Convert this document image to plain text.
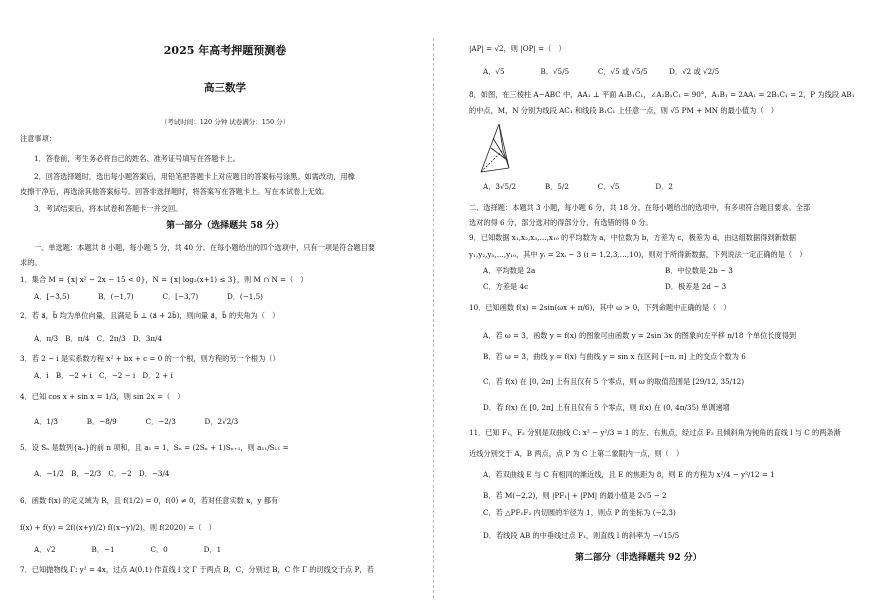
2025 年高考押题预测卷
高三数学
（考试时间：120 分钟 试卷满分：150 分）
注意事项：
1．答卷前，考生务必将自己的姓名、准考证号填写在答题卡上。
2．回答选择题时，选出每小题答案后，用铅笔把答题卡上对应题目的答案标号涂黑。如需改动，用橡
皮擦干净后，再选涂其他答案标号。回答非选择题时，将答案写在答题卡上。写在本试卷上无效。
3．考试结束后，将本试卷和答题卡一并交回。
第一部分（选择题共 58 分）
一、单选题：本题共 8 小题，每小题 5 分，共 40 分。在每小题给出的四个选项中，只有一项是符合题目要
求的。
1．集合 M = {x| x² − 2x − 15 < 0}，N = {x| log₂(x+1) ≤ 3}，则 M ∩ N =（　）
A．[−3,5)　　　　B．(−1,7)　　　　C．[−3,7)　　　　D．(−1,5)
2．若 a⃗，b⃗ 均为单位向量，且满足 b⃗ ⊥ (a⃗ + 2b⃗)，则向量 a⃗，b⃗ 的夹角为（　）
A．π/3　B．π/4　C．2π/3　D．3π/4
3．若 2 − i 是实系数方程 x² + bx + c = 0 的一个根，则方程的另一个根为（）
A．i　B．−2 + i　C．−2 − i　D．2 + i
4．已知 cos x + sin x = 1/3，则 sin 2x =（　）
A．1/3　　　　B．−8/9　　　　C．−2/3　　　　D．2√2/3
5．设 Sₙ 是数列{aₙ}的前 n 项和，且 a₁ = 1，Sₙ = (2Sₙ + 1)Sₙ₊₁，则 a₁₁/S₁₁ =
A．−1/2　B．−2/3　C．−2　D．−3/4
6．函数 f(x) 的定义域为 R，且 f(1/2) = 0，f(0) ≠ 0，若对任意实数 x，y 都有
f(x) + f(y) = 2f((x+y)/2) f((x−y)/2)，则 f(2020) =（　）
A．√2　　　　　B．−1　　　　　C．0　　　　　D．1
7．已知抛物线 Γ: y² = 4x，过点 A(0,1) 作直线 l 交 Γ 于两点 B，C，分别过 B，C 作 Γ 的切线交于点 P，若
|AP| = √2，则 |OP| =（　）
A．√5　　　　　B．√5/5　　　　C．√5 或 √5/5　　　D．√2 或 √2/5
8．如图，在三棱柱 A−ABC 中，AA₁ ⊥ 平面 A₁B₁C₁，∠A₁B₁C₁ = 90°，A₁B₁ = 2AA₁ = 2B₁C₁ = 2，P 为线段 AB₁
的中点，M，N 分别为线段 AC₁ 和线段 B₁C₁ 上任意一点，则 √5 PM + MN 的最小值为（　）
A．3√5/2　　　　B．5/2　　　　C．√5　　　　　D．2
二、选择题：本题共 3 小题，每小题 6 分，共 18 分。在每小题给出的选项中，有多项符合题目要求。全部
选对的得 6 分，部分选对的得部分分，有选错的得 0 分。
9．已知数据 x₁,x₂,x₃,…,x₁₀ 的平均数为 a，中位数为 b，方差为 c，极差为 d，由这组数据得到新数据
y₁,y₂,y₃,…,y₁₀，其中 yᵢ = 2xᵢ − 3 (i = 1,2,3,…,10)，则对于所得新数据，下列说法一定正确的是（　）
A．平均数是 2a	B．中位数是 2b − 3
C．方差是 4c	D．极差是 2d − 3
10．已知函数 f(x) = 2sin(ωx + π/6)，其中 ω > 0，下列命题中正确的是（　）
A．若 ω = 3，函数 y = f(x) 的图象可由函数 y = 2sin 3x 的图象向左平移 π/18 个单位长度得到
B．若 ω = 3，曲线 y = f(x) 与曲线 y = sin x 在区间 [−π, π] 上的交点个数为 6
C．若 f(x) 在 [0, 2π] 上有且仅有 5 个零点，则 ω 的取值范围是 [29/12, 35/12)
D．若 f(x) 在 [0, 2π] 上有且仅有 5 个零点，则 f(x) 在 (0, 4π/35) 单调递增
11．已知 F₁，F₂ 分别是双曲线 C: x² − y²/3 = 1 的左、右焦点，经过点 F₂ 且倾斜角为钝角的直线 l 与 C 的两条渐
近线分别交于 A，B 两点，点 P 为 C 上第二象限内一点，则（　）
A．若双曲线 E 与 C 有相同的渐近线，且 E 的焦距为 8，则 E 的方程为 x²/4 − y²/12 = 1
B．若 M(−2,2)，则 |PF₁| + |PM| 的最小值是 2√5 − 2
C．若 △PF₁F₂ 内切圆的半径为 1，则点 P 的坐标为 (−2,3)
D．若线段 AB 的中垂线过点 F₁，则直线 l 的斜率为 −√15/5
第二部分（非选择题共 92 分）
